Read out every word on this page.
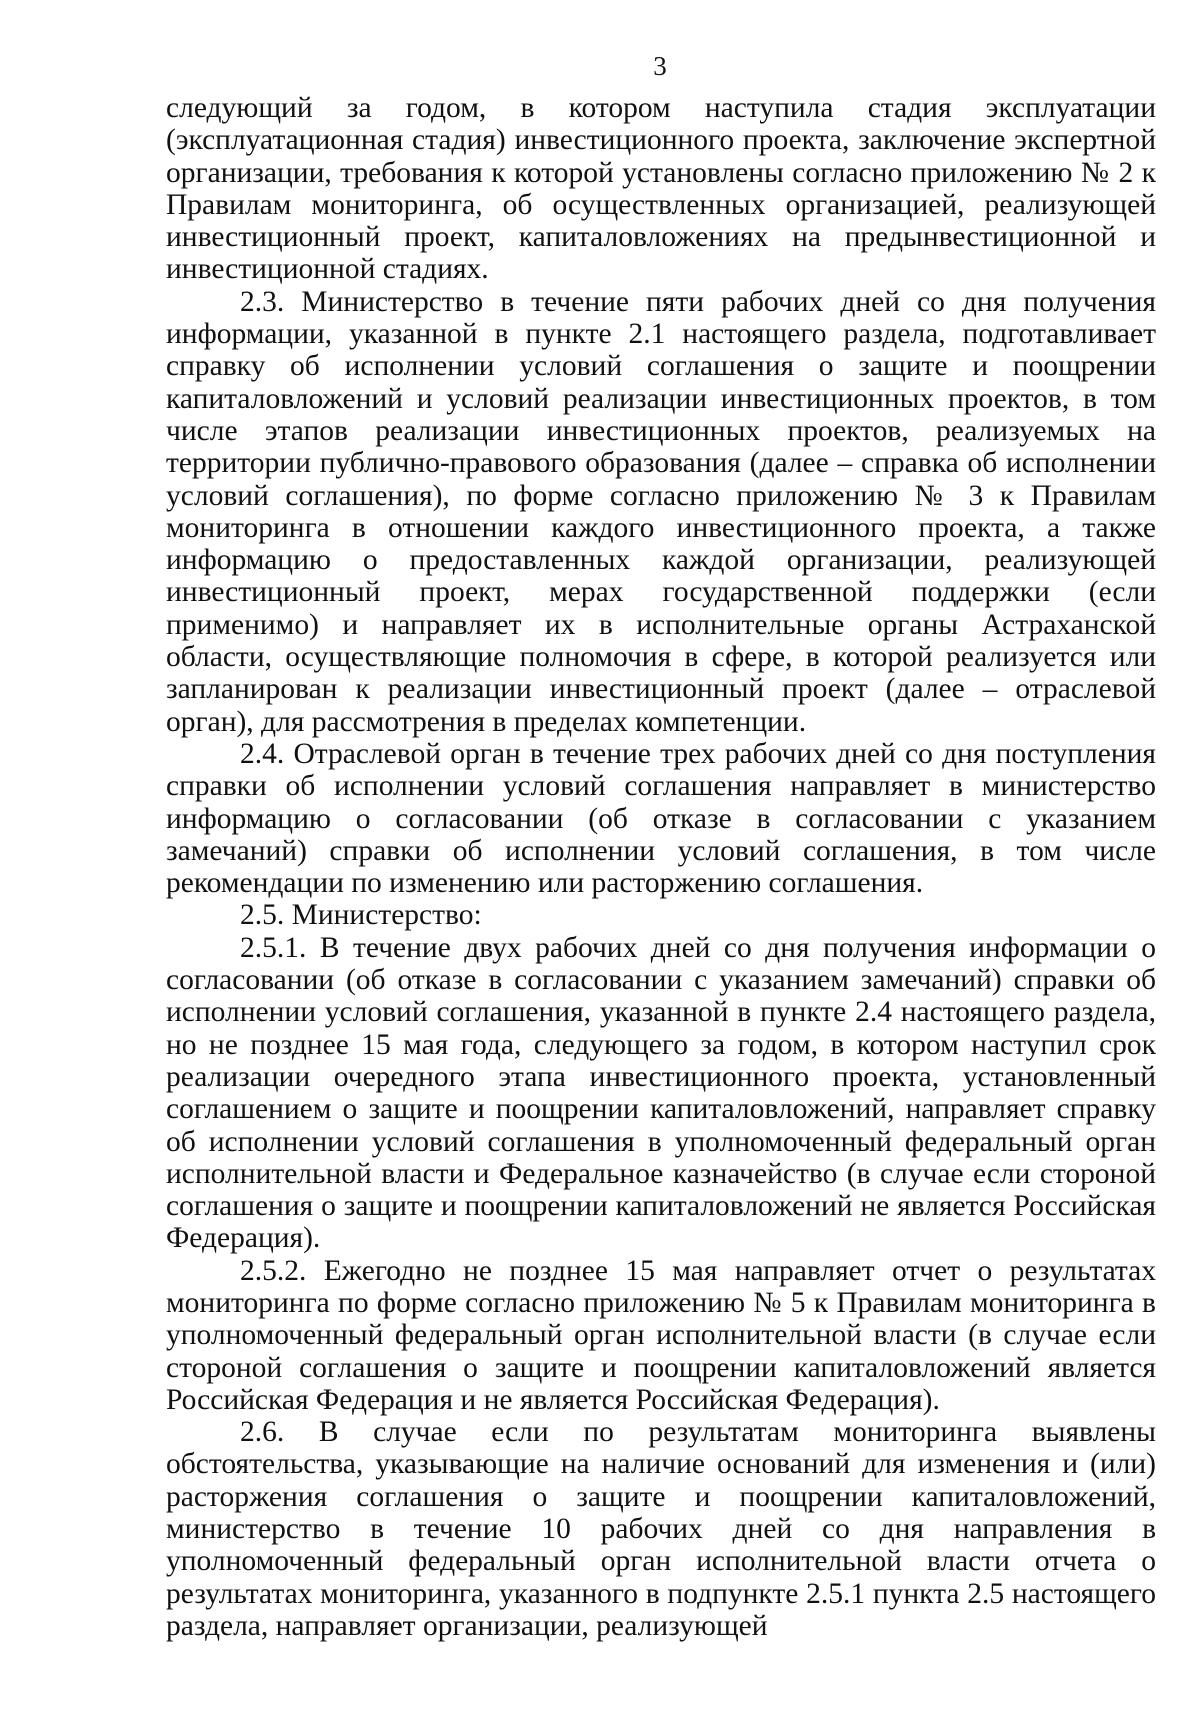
3

следующий за годом, в котором наступила стадия эксплуатации (эксплуатационная стадия) инвестиционного проекта, заключение экспертной организации, требования к которой установлены согласно приложению № 2 к Правилам мониторинга, об осуществленных организацией, реализующей инвестиционный проект, капиталовложениях на предынвестиционной и инвестиционной стадиях.

2.3. Министерство в течение пяти рабочих дней со дня получения информации, указанной в пункте 2.1 настоящего раздела, подготавливает справку об исполнении условий соглашения о защите и поощрении капиталовложений и условий реализации инвестиционных проектов, в том числе этапов реализации инвестиционных проектов, реализуемых на территории публично-правового образования (далее – справка об исполнении условий соглашения), по форме согласно приложению № 3 к Правилам мониторинга в отношении каждого инвестиционного проекта, а также информацию о предоставленных каждой организации, реализующей инвестиционный проект, мерах государственной поддержки (если применимо) и направляет их в исполнительные органы Астраханской области, осуществляющие полномочия в сфере, в которой реализуется или запланирован к реализации инвестиционный проект (далее – отраслевой орган), для рассмотрения в пределах компетенции.

2.4. Отраслевой орган в течение трех рабочих дней со дня поступления справки об исполнении условий соглашения направляет в министерство информацию о согласовании (об отказе в согласовании с указанием замечаний) справки об исполнении условий соглашения, в том числе рекомендации по изменению или расторжению соглашения.

2.5. Министерство:

2.5.1. В течение двух рабочих дней со дня получения информации о согласовании (об отказе в согласовании с указанием замечаний) справки об исполнении условий соглашения, указанной в пункте 2.4 настоящего раздела, но не позднее 15 мая года, следующего за годом, в котором наступил срок реализации очередного этапа инвестиционного проекта, установленный соглашением о защите и поощрении капиталовложений, направляет справку об исполнении условий соглашения в уполномоченный федеральный орган исполнительной власти и Федеральное казначейство (в случае если стороной соглашения о защите и поощрении капиталовложений не является Российская Федерация).

2.5.2. Ежегодно не позднее 15 мая направляет отчет о результатах мониторинга по форме согласно приложению № 5 к Правилам мониторинга в уполномоченный федеральный орган исполнительной власти (в случае если стороной соглашения о защите и поощрении капиталовложений является Российская Федерация и не является Российская Федерация).

2.6. В случае если по результатам мониторинга выявлены обстоятельства, указывающие на наличие оснований для изменения и (или) расторжения соглашения о защите и поощрении капиталовложений, министерство в течение 10 рабочих дней со дня направления в уполномоченный федеральный орган исполнительной власти отчета о результатах мониторинга, указанного в подпункте 2.5.1 пункта 2.5 настоящего раздела, направляет организации, реализующей
